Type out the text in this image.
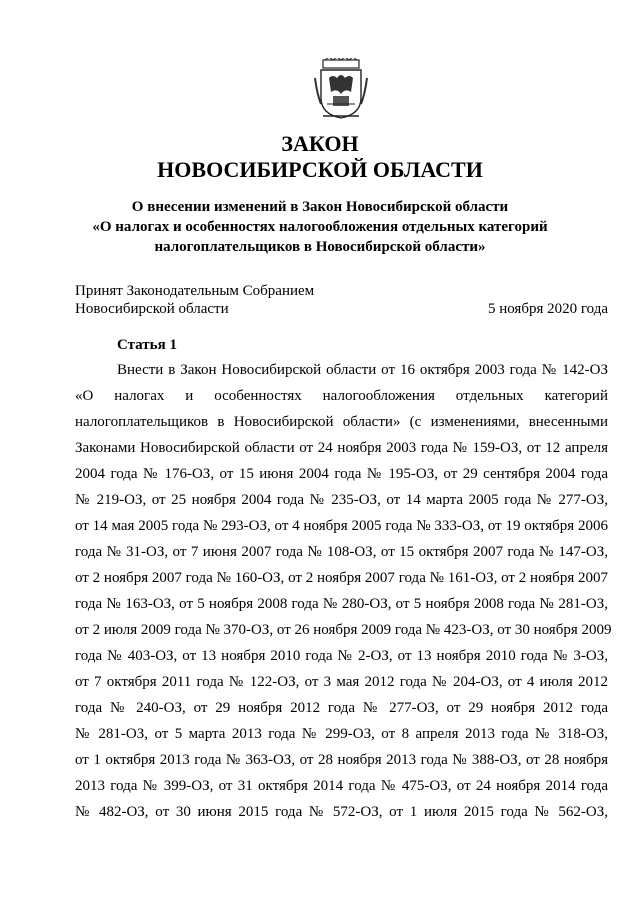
ЗАКОН
НОВОСИБИРСКОЙ ОБЛАСТИ
О внесении изменений в Закон Новосибирской области
«О налогах и особенностях налогообложения отдельных категорий
налогоплательщиков в Новосибирской области»
Принят Законодательным Собранием
Новосибирской области	5 ноября 2020 года
Статья 1
Внести в Закон Новосибирской области от 16 октября 2003 года № 142-ОЗ
«О налогах и особенностях налогообложения отдельных категорий
налогоплательщиков в Новосибирской области» (с изменениями, внесенными
Законами Новосибирской области от 24 ноября 2003 года № 159-ОЗ, от 12 апреля
2004 года № 176-ОЗ, от 15 июня 2004 года № 195-ОЗ, от 29 сентября 2004 года
№ 219-ОЗ, от 25 ноября 2004 года № 235-ОЗ, от 14 марта 2005 года № 277-ОЗ,
от 14 мая 2005 года № 293-ОЗ, от 4 ноября 2005 года № 333-ОЗ, от 19 октября 2006
года № 31-ОЗ, от 7 июня 2007 года № 108-ОЗ, от 15 октября 2007 года № 147-ОЗ,
от 2 ноября 2007 года № 160-ОЗ, от 2 ноября 2007 года № 161-ОЗ, от 2 ноября 2007
года № 163-ОЗ, от 5 ноября 2008 года № 280-ОЗ, от 5 ноября 2008 года № 281-ОЗ,
от 2 июля 2009 года № 370-ОЗ, от 26 ноября 2009 года № 423-ОЗ, от 30 ноября 2009
года № 403-ОЗ, от 13 ноября 2010 года № 2-ОЗ, от 13 ноября 2010 года № 3-ОЗ,
от 7 октября 2011 года № 122-ОЗ, от 3 мая 2012 года № 204-ОЗ, от 4 июля 2012
года № 240-ОЗ, от 29 ноября 2012 года № 277-ОЗ, от 29 ноября 2012 года
№ 281-ОЗ, от 5 марта 2013 года № 299-ОЗ, от 8 апреля 2013 года № 318-ОЗ,
от 1 октября 2013 года № 363-ОЗ, от 28 ноября 2013 года № 388-ОЗ, от 28 ноября
2013 года № 399-ОЗ, от 31 октября 2014 года № 475-ОЗ, от 24 ноября 2014 года
№ 482-ОЗ, от 30 июня 2015 года № 572-ОЗ, от 1 июля 2015 года № 562-ОЗ,
